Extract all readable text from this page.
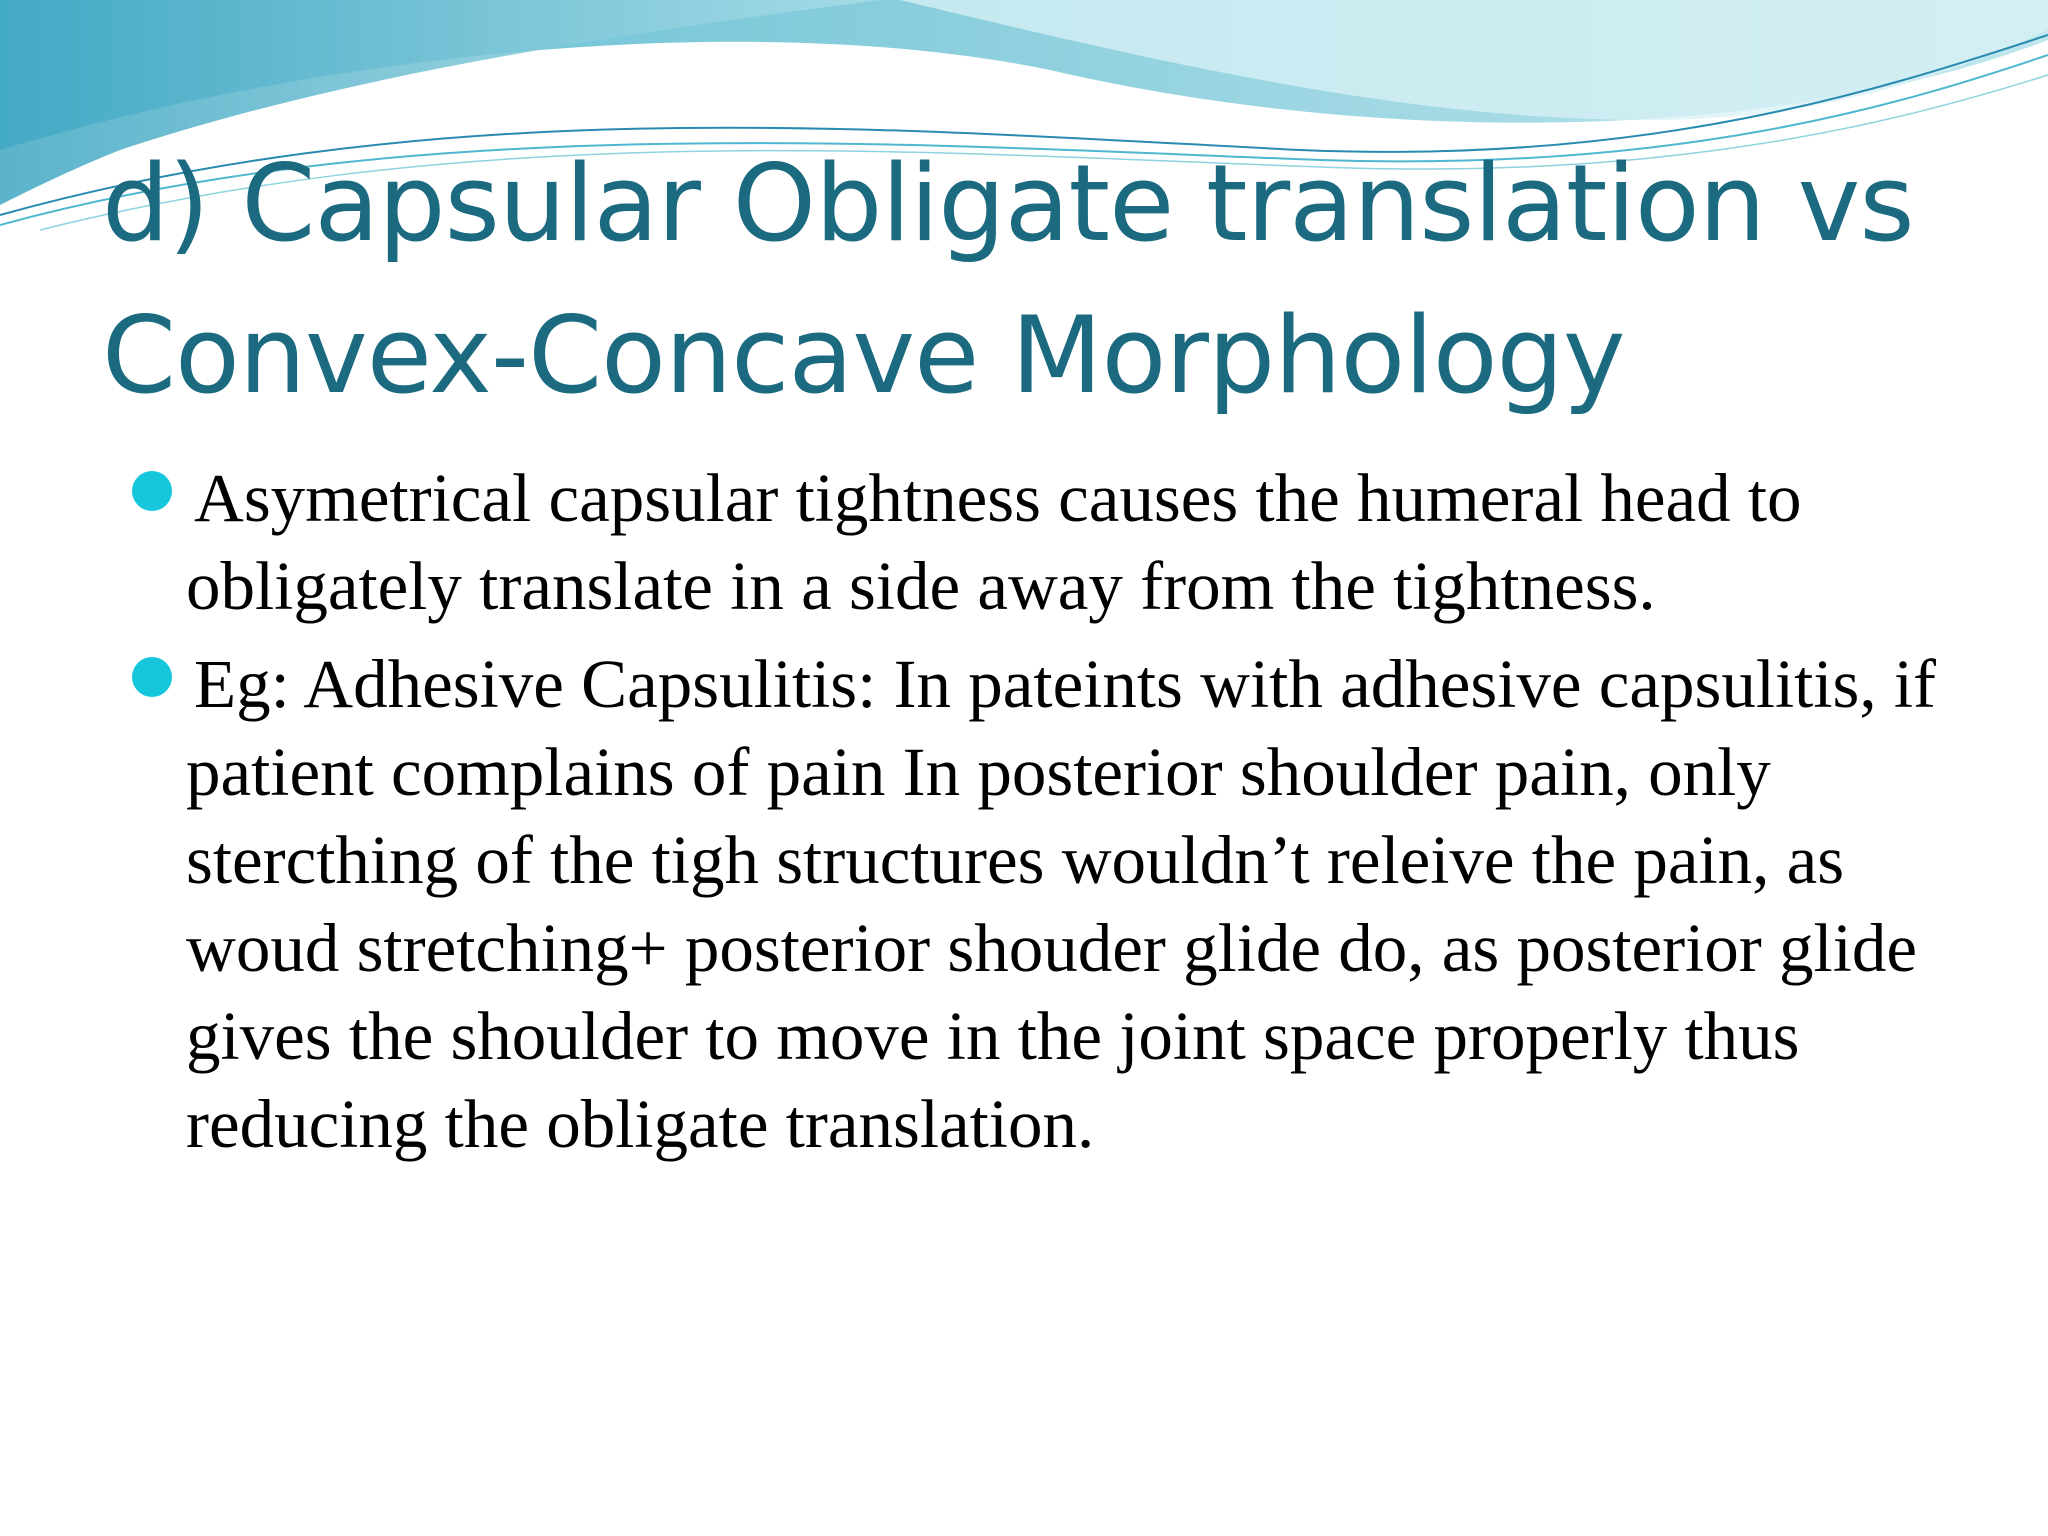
d) Capsular Obligate translation vs Convex-Concave Morphology
Asymetrical capsular tightness causes the humeral head to obligately translate in a side away from the tightness.
Eg: Adhesive Capsulitis: In pateints with adhesive capsulitis, if patient complains of pain In posterior shoulder pain, only stercthing of the tigh structures wouldn’t releive the pain, as woud stretching+ posterior shouder glide do, as posterior glide gives the shoulder to move in the joint space properly thus reducing the obligate translation.
